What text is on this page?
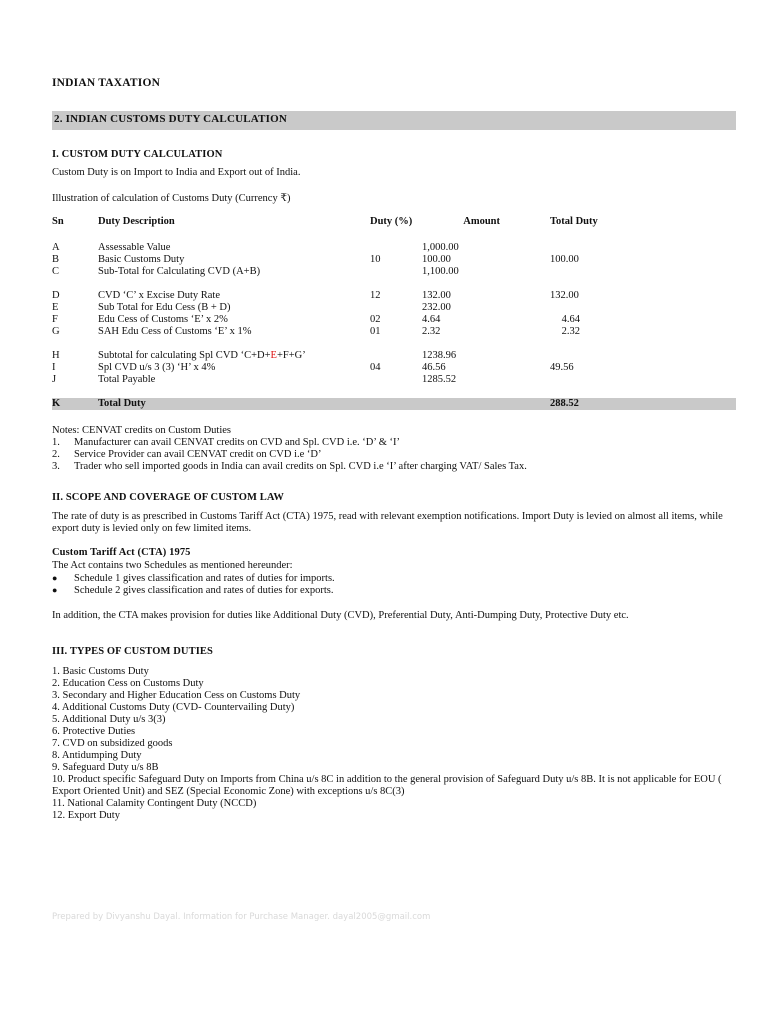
INDIAN TAXATION
2. INDIAN CUSTOMS DUTY CALCULATION
I. CUSTOM DUTY CALCULATION
Custom Duty is on Import to India and Export out of India.
Illustration of calculation of Customs Duty (Currency ₹)
Sn	Duty Description	Duty (%)	Amount	Total Duty

A	Assessable Value		1,000.00	
B	Basic Customs Duty	10	100.00	100.00
C	Sub-Total for Calculating CVD (A+B)		1,100.00	

D	CVD ‘C’ x Excise Duty Rate	12	132.00	132.00
E	Sub Total for Edu Cess (B + D)		232.00	
F	Edu Cess of Customs ‘E’ x 2%	02	4.64	4.64
G	SAH Edu Cess of Customs ‘E’ x 1%	01	2.32	2.32

H	Subtotal for calculating Spl CVD ‘C+D+E+F+G’		1238.96	
I	Spl CVD u/s 3 (3) ‘H’ x 4%	04	46.56	49.56
J	Total Payable		1285.52	

K	Total Duty			288.52
Notes: CENVAT credits on Custom Duties
1. Manufacturer can avail CENVAT credits on CVD and Spl. CVD i.e. ‘D’ & ‘I’
2. Service Provider can avail CENVAT credit on CVD i.e ‘D’
3. Trader who sell imported goods in India can avail credits on Spl. CVD i.e ‘I’ after charging VAT/ Sales Tax.
II. SCOPE AND COVERAGE OF CUSTOM LAW
The rate of duty is as prescribed in Customs Tariff Act (CTA) 1975, read with relevant exemption notifications. Import Duty is levied on almost all items, while export duty is levied only on few limited items.
Custom Tariff Act (CTA) 1975
The Act contains two Schedules as mentioned hereunder:
● Schedule 1 gives classification and rates of duties for imports.
● Schedule 2 gives classification and rates of duties for exports.
In addition, the CTA makes provision for duties like Additional Duty (CVD), Preferential Duty, Anti-Dumping Duty, Protective Duty etc.
III. TYPES OF CUSTOM DUTIES
1. Basic Customs Duty
2. Education Cess on Customs Duty
3. Secondary and Higher Education Cess on Customs Duty
4. Additional Customs Duty (CVD- Countervailing Duty)
5. Additional Duty u/s 3(3)
6. Protective Duties
7. CVD on subsidized goods
8. Antidumping Duty
9. Safeguard Duty u/s 8B
10. Product specific Safeguard Duty on Imports from China u/s 8C in addition to the general provision of Safeguard Duty u/s 8B. It is not applicable for EOU ( Export Oriented Unit) and SEZ (Special Economic Zone) with exceptions u/s 8C(3)
11. National Calamity Contingent Duty (NCCD)
12. Export Duty
Prepared by Divyanshu Dayal. Information for Purchase Manager. dayal2005@gmail.com
